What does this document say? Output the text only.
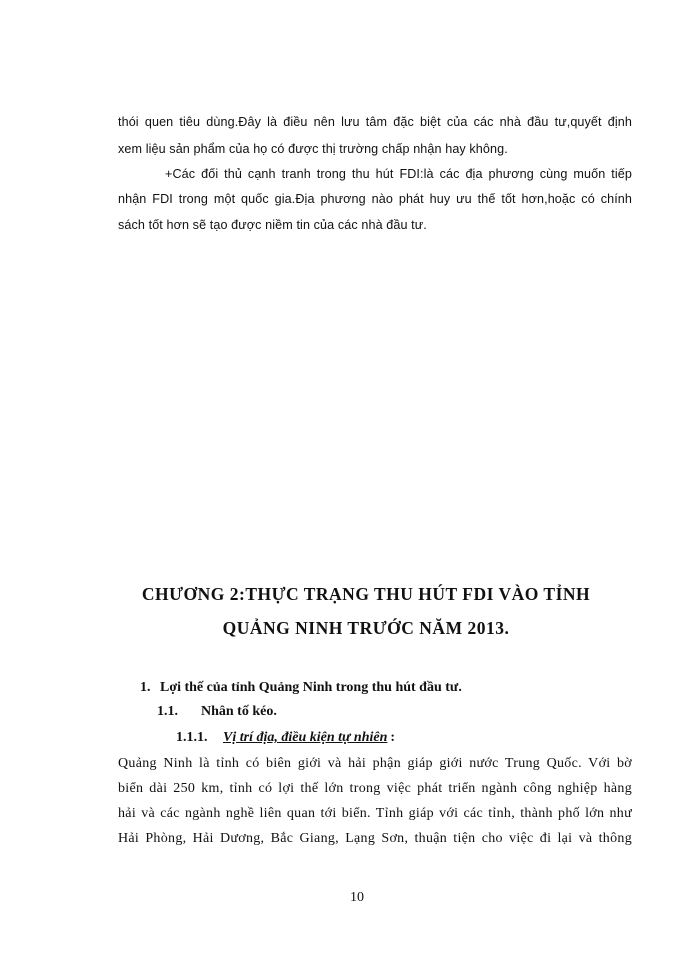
thói quen tiêu dùng.Đây là điều nên lưu tâm đặc biệt của các nhà đầu tư,quyết định
xem liệu sản phẩm của họ có được thị trường chấp nhận hay không.
+Các đối thủ cạnh tranh trong thu hút FDI:là các địa phương cùng muốn tiếp
nhận FDI trong một quốc gia.Địa phương nào phát huy ưu thế tốt hơn,hoặc có chính
sách tốt hơn sẽ tạo được niềm tin của các nhà đầu tư.
CHƯƠNG 2:THỰC TRẠNG THU HÚT FDI VÀO TỈNH
QUẢNG NINH TRƯỚC NĂM 2013.
1. Lợi thế của tỉnh Quảng Ninh trong thu hút đầu tư.
1.1. Nhân tố kéo.
1.1.1. Vị trí địa, điều kiện tự nhiên :
Quảng Ninh là tỉnh có biên giới và hải phận giáp giới nước Trung Quốc. Với bờ
biển dài 250 km, tỉnh có lợi thế lớn trong việc phát triển ngành công nghiệp hàng
hải và các ngành nghề liên quan tới biển. Tỉnh giáp với các tỉnh, thành phố lớn như
Hải Phòng, Hải Dương, Bắc Giang, Lạng Sơn, thuận tiện cho việc đi lại và thông
10
